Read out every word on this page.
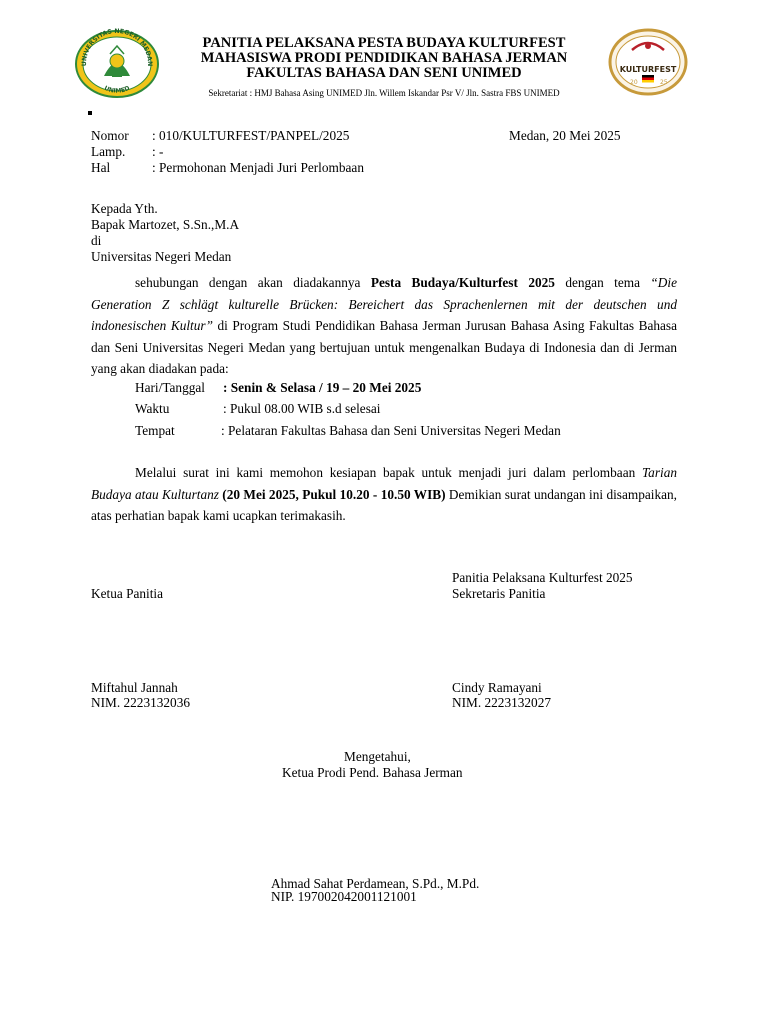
UNIVERSITAS NEGERI MEDAN
UNIMED
PANITIA PELAKSANA PESTA BUDAYA KULTURFEST
MAHASISWA PRODI PENDIDIKAN BAHASA JERMAN
FAKULTAS BAHASA DAN SENI UNIMED
Sekretariat : HMJ Bahasa Asing UNIMED Jln. Willem Iskandar Psr V/ Jln. Sastra FBS UNIMED
KULTURFEST
20	25
Nomor : 010/KULTURFEST/PANPEL/2025	Medan, 20 Mei 2025
Lamp. : -
Hal	: Permohonan Menjadi Juri Perlombaan
Kepada Yth.
Bapak Martozet, S.Sn.,M.A
di
Universitas Negeri Medan
sehubungan dengan akan diadakannya Pesta Budaya/Kulturfest 2025 dengan tema “Die Generation Z schlägt kulturelle Brücken: Bereichert das Sprachenlernen mit der deutschen und indonesischen Kultur” di Program Studi Pendidikan Bahasa Jerman Jurusan Bahasa Asing Fakultas Bahasa dan Seni Universitas Negeri Medan yang bertujuan untuk mengenalkan Budaya di Indonesia dan di Jerman yang akan diadakan pada:
Hari/Tanggal : Senin & Selasa / 19 – 20 Mei 2025
Waktu	: Pukul 08.00 WIB s.d selesai
Tempat	: Pelataran Fakultas Bahasa dan Seni Universitas Negeri Medan
Melalui surat ini kami memohon kesiapan bapak untuk menjadi juri dalam perlombaan Tarian Budaya atau Kulturtanz (20 Mei 2025, Pukul 10.20 - 10.50 WIB) Demikian surat undangan ini disampaikan, atas perhatian bapak kami ucapkan terimakasih.
Panitia Pelaksana Kulturfest 2025
Ketua Panitia	Sekretaris Panitia
Miftahul Jannah
NIM. 2223132036
Cindy Ramayani
NIM. 2223132027
Mengetahui,
Ketua Prodi Pend. Bahasa Jerman
Ahmad Sahat Perdamean, S.Pd., M.Pd.
NIP. 197002042001121001
